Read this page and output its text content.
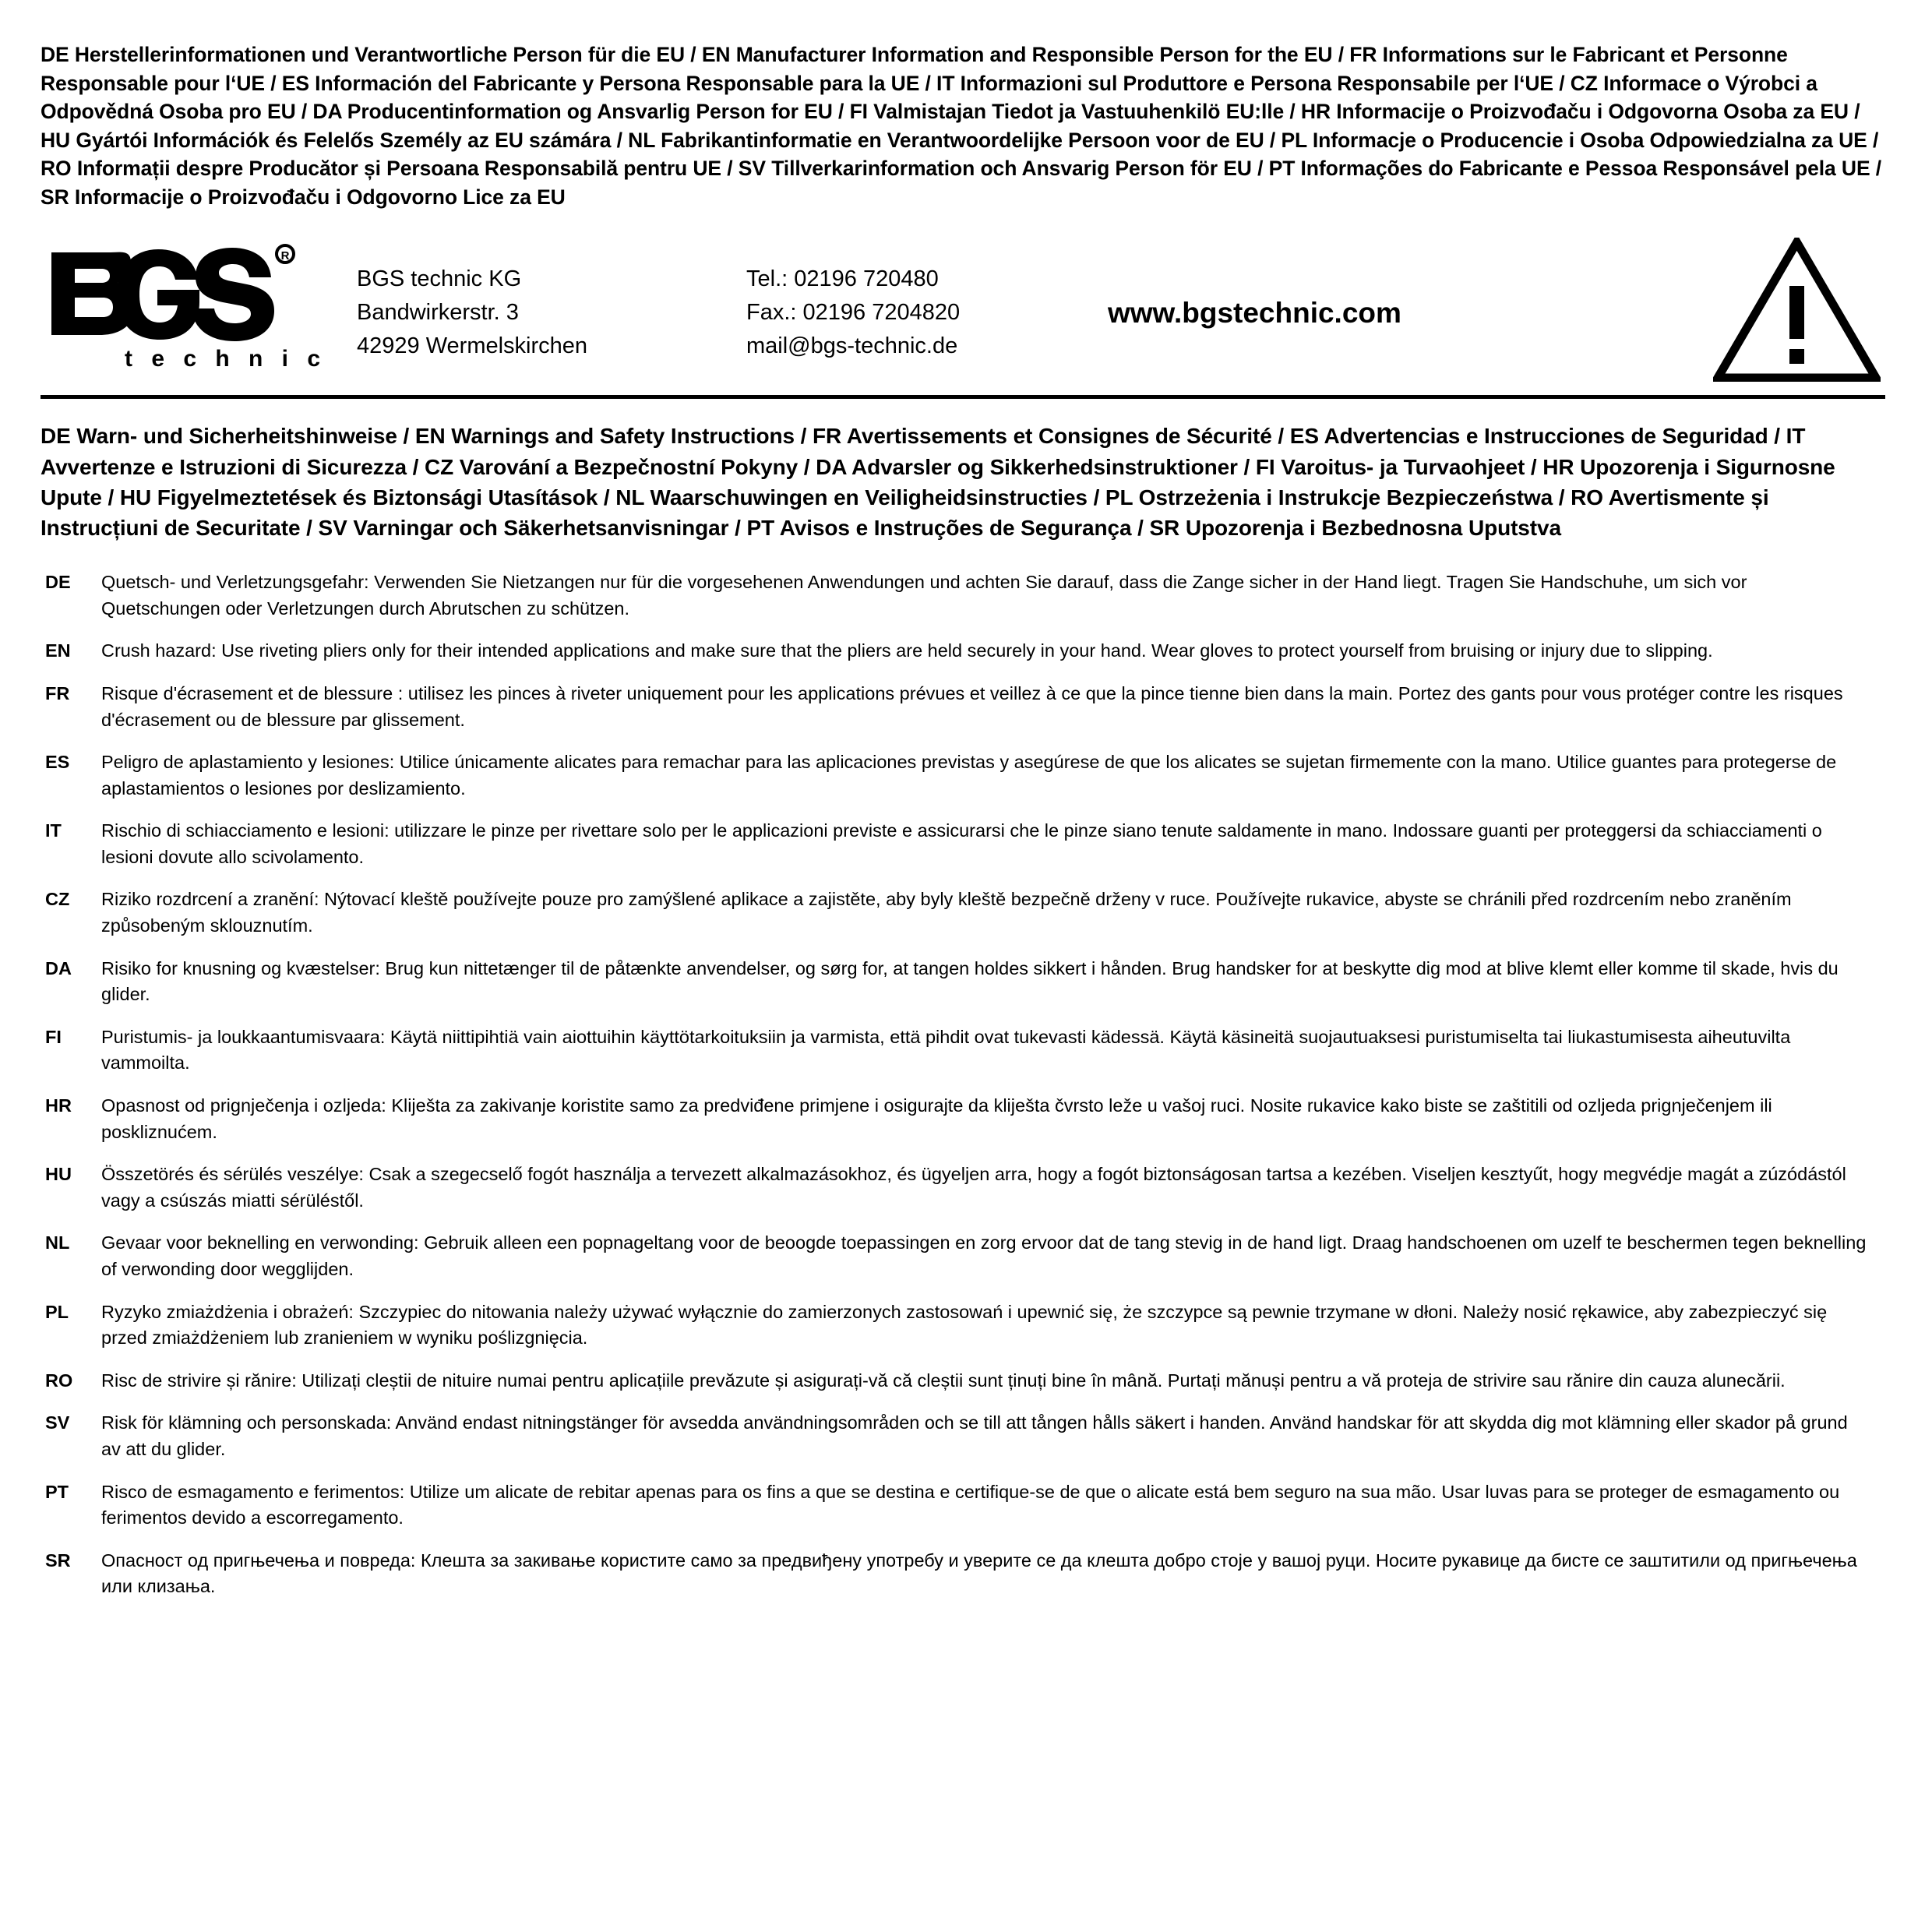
DE Herstellerinformationen und Verantwortliche Person für die EU / EN Manufacturer Information and Responsible Person for the EU / FR Informations sur le Fabricant et Personne Responsable pour l‘UE / ES Información del Fabricante y Persona Responsable para la UE / IT Informazioni sul Produttore e Persona Responsabile per l‘UE / CZ Informace o Výrobci a Odpovědná Osoba pro EU / DA Producentinformation og Ansvarlig Person for EU / FI Valmistajan Tiedot ja Vastuuhenkilö EU:lle / HR Informacije o Proizvođaču i Odgovorna Osoba za EU / HU Gyártói Információk és Felelős Személy az EU számára / NL Fabrikantinformatie en Verantwoordelijke Persoon voor de EU / PL Informacje o Producencie i Osoba Odpowiedzialna za UE / RO Informații despre Producător și Persoana Responsabilă pentru UE / SV Tillverkarinformation och Ansvarig Person för EU / PT Informações do Fabricante e Pessoa Responsável pela UE / SR Informacije o Proizvođaču i Odgovorno Lice za EU
R
t e c h n i c
BGS technic KG
Bandwirkerstr. 3
42929 Wermelskirchen
Tel.: 02196 720480
Fax.: 02196 7204820
mail@bgs-technic.de
www.bgstechnic.com
DE Warn- und Sicherheitshinweise / EN Warnings and Safety Instructions / FR Avertissements et Consignes de Sécurité / ES Advertencias e Instrucciones de Seguridad / IT Avvertenze e Istruzioni di Sicurezza / CZ Varování a Bezpečnostní Pokyny / DA Advarsler og Sikkerhedsinstruktioner / FI Varoitus- ja Turvaohjeet / HR Upozorenja i Sigurnosne Upute / HU Figyelmeztetések és Biztonsági Utasítások / NL Waarschuwingen en Veiligheidsinstructies / PL Ostrzeżenia i Instrukcje Bezpieczeństwa / RO Avertismente și Instrucțiuni de Securitate / SV Varningar och Säkerhetsanvisningar / PT Avisos e Instruções de Segurança / SR Upozorenja i Bezbednosna Uputstva
DE	Quetsch- und Verletzungsgefahr: Verwenden Sie Nietzangen nur für die vorgesehenen Anwendungen und achten Sie darauf, dass die Zange sicher in der Hand liegt. Tragen Sie Handschuhe, um sich vor Quetschungen oder Verletzungen durch Abrutschen zu schützen.
EN	Crush hazard: Use riveting pliers only for their intended applications and make sure that the pliers are held securely in your hand. Wear gloves to protect yourself from bruising or injury due to slipping.
FR	Risque d'écrasement et de blessure : utilisez les pinces à riveter uniquement pour les applications prévues et veillez à ce que la pince tienne bien dans la main. Portez des gants pour vous protéger contre les risques d'écrasement ou de blessure par glissement.
ES	Peligro de aplastamiento y lesiones: Utilice únicamente alicates para remachar para las aplicaciones previstas y asegúrese de que los alicates se sujetan firmemente con la mano. Utilice guantes para protegerse de aplastamientos o lesiones por deslizamiento.
IT	Rischio di schiacciamento e lesioni: utilizzare le pinze per rivettare solo per le applicazioni previste e assicurarsi che le pinze siano tenute saldamente in mano. Indossare guanti per proteggersi da schiacciamenti o lesioni dovute allo scivolamento.
CZ	Riziko rozdrcení a zranění: Nýtovací kleště používejte pouze pro zamýšlené aplikace a zajistěte, aby byly kleště bezpečně drženy v ruce. Používejte rukavice, abyste se chránili před rozdrcením nebo zraněním způsobeným sklouznutím.
DA	Risiko for knusning og kvæstelser: Brug kun nittetænger til de påtænkte anvendelser, og sørg for, at tangen holdes sikkert i hånden. Brug handsker for at beskytte dig mod at blive klemt eller komme til skade, hvis du glider.
FI	Puristumis- ja loukkaantumisvaara: Käytä niittipihtiä vain aiottuihin käyttötarkoituksiin ja varmista, että pihdit ovat tukevasti kädessä. Käytä käsineitä suojautuaksesi puristumiselta tai liukastumisesta aiheutuvilta vammoilta.
HR	Opasnost od prignječenja i ozljeda: Kliješta za zakivanje koristite samo za predviđene primjene i osigurajte da kliješta čvrsto leže u vašoj ruci. Nosite rukavice kako biste se zaštitili od ozljeda prignječenjem ili poskliznućem.
HU	Összetörés és sérülés veszélye: Csak a szegecselő fogót használja a tervezett alkalmazásokhoz, és ügyeljen arra, hogy a fogót biztonságosan tartsa a kezében. Viseljen kesztyűt, hogy megvédje magát a zúzódástól vagy a csúszás miatti sérüléstől.
NL	Gevaar voor beknelling en verwonding: Gebruik alleen een popnageltang voor de beoogde toepassingen en zorg ervoor dat de tang stevig in de hand ligt. Draag handschoenen om uzelf te beschermen tegen beknelling of verwonding door wegglijden.
PL	Ryzyko zmiażdżenia i obrażeń: Szczypiec do nitowania należy używać wyłącznie do zamierzonych zastosowań i upewnić się, że szczypce są pewnie trzymane w dłoni. Należy nosić rękawice, aby zabezpieczyć się przed zmiażdżeniem lub zranieniem w wyniku poślizgnięcia.
RO	Risc de strivire și rănire: Utilizați cleștii de nituire numai pentru aplicațiile prevăzute și asigurați-vă că cleștii sunt ținuți bine în mână. Purtați mănuși pentru a vă proteja de strivire sau rănire din cauza alunecării.
SV	Risk för klämning och personskada: Använd endast nitningstänger för avsedda användningsområden och se till att tången hålls säkert i handen. Använd handskar för att skydda dig mot klämning eller skador på grund av att du glider.
PT	Risco de esmagamento e ferimentos: Utilize um alicate de rebitar apenas para os fins a que se destina e certifique-se de que o alicate está bem seguro na sua mão. Usar luvas para se proteger de esmagamento ou ferimentos devido a escorregamento.
SR	Опасност од пригњечења и повреда: Клешта за закивање користите само за предвиђену употребу и уверите се да клешта добро стоје у вашој руци. Носите рукавице да бисте се заштитили од пригњечења или клизања.
